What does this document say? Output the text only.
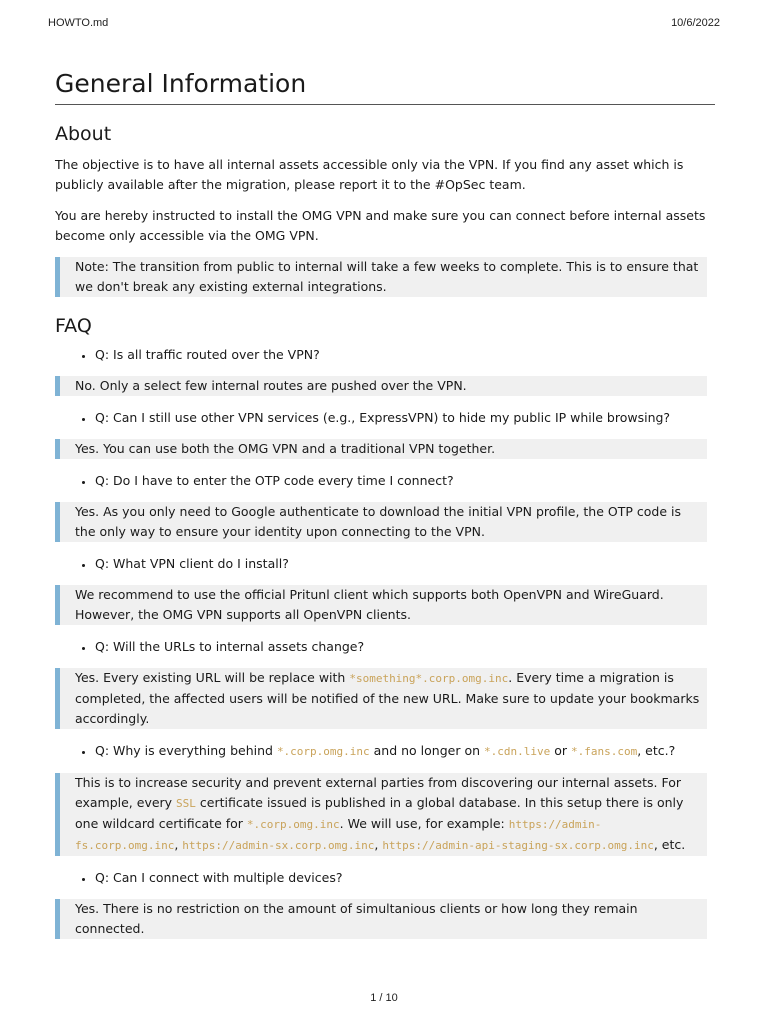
HOWTO.md	10/6/2022
General Information
About

The objective is to have all internal assets accessible only via the VPN. If you find any asset which is publicly available after the migration, please report it to the #OpSec team.

You are hereby instructed to install the OMG VPN and make sure you can connect before internal assets become only accessible via the OMG VPN.

Note: The transition from public to internal will take a few weeks to complete. This is to ensure that we don't break any existing external integrations.
FAQ
• Q: Is all traffic routed over the VPN?
No. Only a select few internal routes are pushed over the VPN.
• Q: Can I still use other VPN services (e.g., ExpressVPN) to hide my public IP while browsing?
Yes. You can use both the OMG VPN and a traditional VPN together.
• Q: Do I have to enter the OTP code every time I connect?
Yes. As you only need to Google authenticate to download the initial VPN profile, the OTP code is the only way to ensure your identity upon connecting to the VPN.
• Q: What VPN client do I install?
We recommend to use the official Pritunl client which supports both OpenVPN and WireGuard. However, the OMG VPN supports all OpenVPN clients.
• Q: Will the URLs to internal assets change?
Yes. Every existing URL will be replace with *something*.corp.omg.inc. Every time a migration is completed, the affected users will be notified of the new URL. Make sure to update your bookmarks accordingly.
• Q: Why is everything behind *.corp.omg.inc and no longer on *.cdn.live or *.fans.com, etc.?
This is to increase security and prevent external parties from discovering our internal assets. For example, every SSL certificate issued is published in a global database. In this setup there is only one wildcard certificate for *.corp.omg.inc. We will use, for example: https://admin-fs.corp.omg.inc, https://admin-sx.corp.omg.inc, https://admin-api-staging-sx.corp.omg.inc, etc.
• Q: Can I connect with multiple devices?
Yes. There is no restriction on the amount of simultanious clients or how long they remain connected.
1 / 10
